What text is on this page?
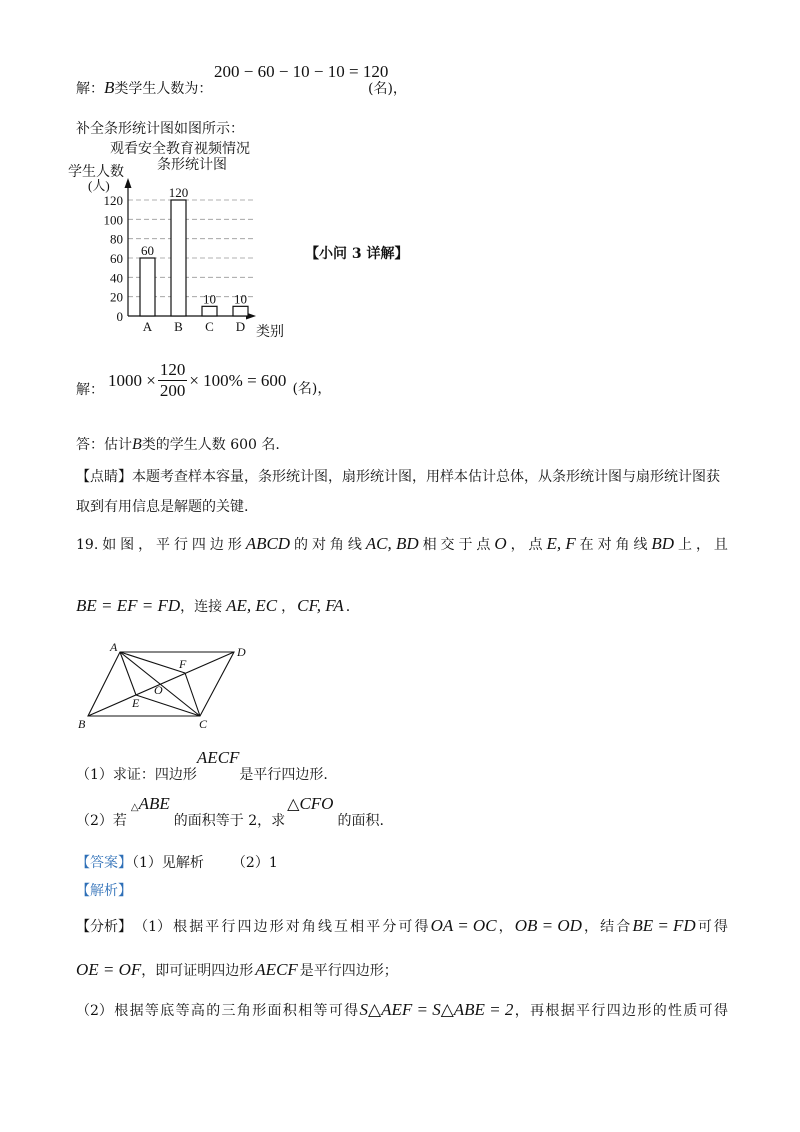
解：B类学生人数为：
200 − 60 − 10 − 10 = 120
(名)，
补全条形统计图如图所示：
观看安全教育视频情况
条形统计图
学生人数
(人)
类别
0
20
40
60
80
100
120
60
A
120
B
10
C
10
D
【小问 3 详解】
解： $1000 \times \frac{120}{200} \times 100\% = 600$ (名)，
答：估计B类的学生人数 600 名.
【点睛】本题考查样本容量，条形统计图，扇形统计图，用样本估计总体，从条形统计图与扇形统计图获
取到有用信息是解题的关键.
19. 如 图 ， 平 行 四 边 形 ABCD 的 对 角 线 AC, BD 相 交 于 点 O ， 点 E, F 在 对 角 线 BD 上 ， 且
BE = EF = FD ，连接 AE, EC ， CF, FA .
A	D
B	C
E
F
O
（1）求证：四边形
AECF
是平行四边形.
（2）若
△ ABE
的面积等于 2，求
△ CFO
的面积.
【答案】（1）见解析 （2）1
【解析】
【分析】 （1） 根 据 平 行 四 边 形 对 角 线 互 相 平 分 可 得 OA = OC ， OB = OD ， 结 合 BE = FD 可 得
OE = OF ，即可证明四边形 AECF 是平行四边形；
（2） 根 据 等 底 等 高 的 三 角 形 面 积 相 等 可 得 S△AEF = S△ABE = 2 ， 再 根 据 平 行 四 边 形 的 性 质 可 得
